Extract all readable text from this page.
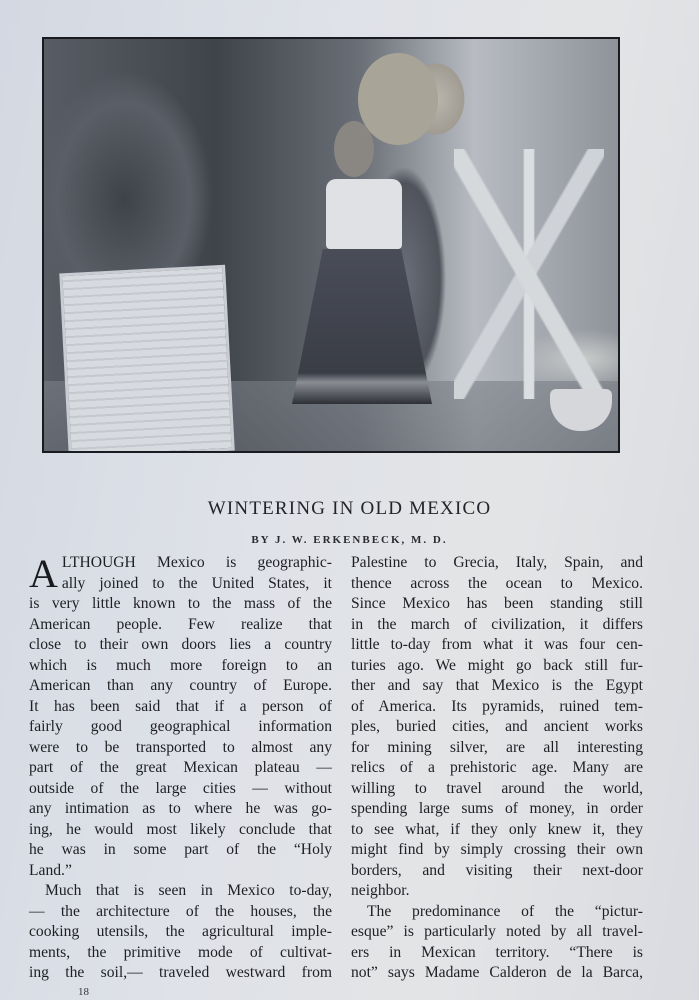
WINTERING IN OLD MEXICO
BY J. W. ERKENBECK, M. D.
A LTHOUGH Mexico is geographic-
ally joined to the United States, it
is very little known to the mass of the
American people. Few realize that
close to their own doors lies a country
which is much more foreign to an
American than any country of Europe.
It has been said that if a person of
fairly good geographical information
were to be transported to almost any
part of the great Mexican plateau —
outside of the large cities — without
any intimation as to where he was go-
ing, he would most likely conclude that
he was in some part of the “Holy
Land.”
Much that is seen in Mexico to-day,
— the architecture of the houses, the
cooking utensils, the agricultural imple-
ments, the primitive mode of cultivat-
ing the soil,— traveled westward from
Palestine to Grecia, Italy, Spain, and
thence across the ocean to Mexico.
Since Mexico has been standing still
in the march of civilization, it differs
little to-day from what it was four cen-
turies ago. We might go back still fur-
ther and say that Mexico is the Egypt
of America. Its pyramids, ruined tem-
ples, buried cities, and ancient works
for mining silver, are all interesting
relics of a prehistoric age. Many are
willing to travel around the world,
spending large sums of money, in order
to see what, if they only knew it, they
might find by simply crossing their own
borders, and visiting their next-door
neighbor.
The predominance of the “pictur-
esque” is particularly noted by all travel-
ers in Mexican territory. “There is
not” says Madame Calderon de la Barca,
18
